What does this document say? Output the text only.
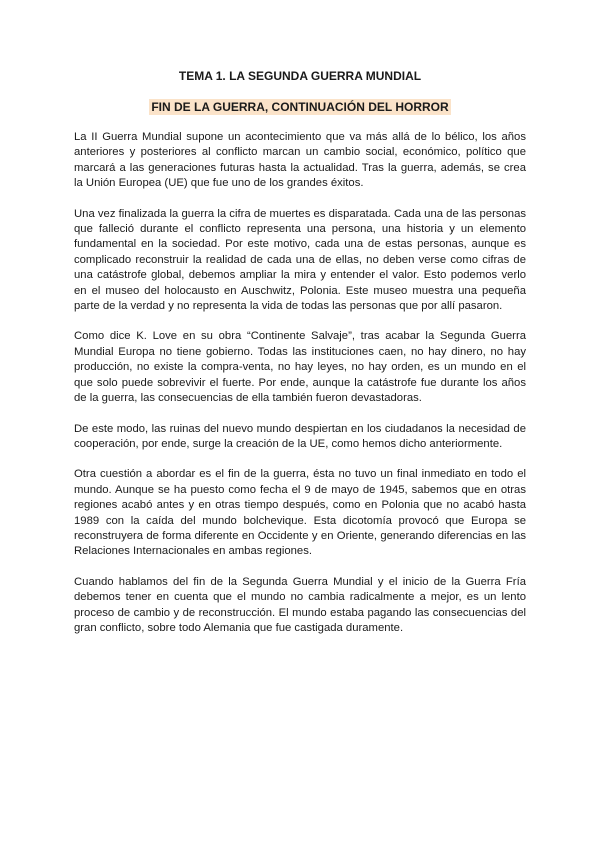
TEMA 1. LA SEGUNDA GUERRA MUNDIAL
FIN DE LA GUERRA, CONTINUACIÓN DEL HORROR

La II Guerra Mundial supone un acontecimiento que va más allá de lo bélico, los años anteriores y posteriores al conflicto marcan un cambio social, económico, político que marcará a las generaciones futuras hasta la actualidad. Tras la guerra, además, se crea la Unión Europea (UE) que fue uno de los grandes éxitos.

Una vez finalizada la guerra la cifra de muertes es disparatada. Cada una de las personas que falleció durante el conflicto representa una persona, una historia y un elemento fundamental en la sociedad. Por este motivo, cada una de estas personas, aunque es complicado reconstruir la realidad de cada una de ellas, no deben verse como cifras de una catástrofe global, debemos ampliar la mira y entender el valor. Esto podemos verlo en el museo del holocausto en Auschwitz, Polonia. Este museo muestra una pequeña parte de la verdad y no representa la vida de todas las personas que por allí pasaron.

Como dice K. Love en su obra “Continente Salvaje”, tras acabar la Segunda Guerra Mundial Europa no tiene gobierno. Todas las instituciones caen, no hay dinero, no hay producción, no existe la compra-venta, no hay leyes, no hay orden, es un mundo en el que solo puede sobrevivir el fuerte. Por ende, aunque la catástrofe fue durante los años de la guerra, las consecuencias de ella también fueron devastadoras.

De este modo, las ruinas del nuevo mundo despiertan en los ciudadanos la necesidad de cooperación, por ende, surge la creación de la UE, como hemos dicho anteriormente.

Otra cuestión a abordar es el fin de la guerra, ésta no tuvo un final inmediato en todo el mundo. Aunque se ha puesto como fecha el 9 de mayo de 1945, sabemos que en otras regiones acabó antes y en otras tiempo después, como en Polonia que no acabó hasta 1989 con la caída del mundo bolchevique. Esta dicotomía provocó que Europa se reconstruyera de forma diferente en Occidente y en Oriente, generando diferencias en las Relaciones Internacionales en ambas regiones.

Cuando hablamos del fin de la Segunda Guerra Mundial y el inicio de la Guerra Fría debemos tener en cuenta que el mundo no cambia radicalmente a mejor, es un lento proceso de cambio y de reconstrucción. El mundo estaba pagando las consecuencias del gran conflicto, sobre todo Alemania que fue castigada duramente.
